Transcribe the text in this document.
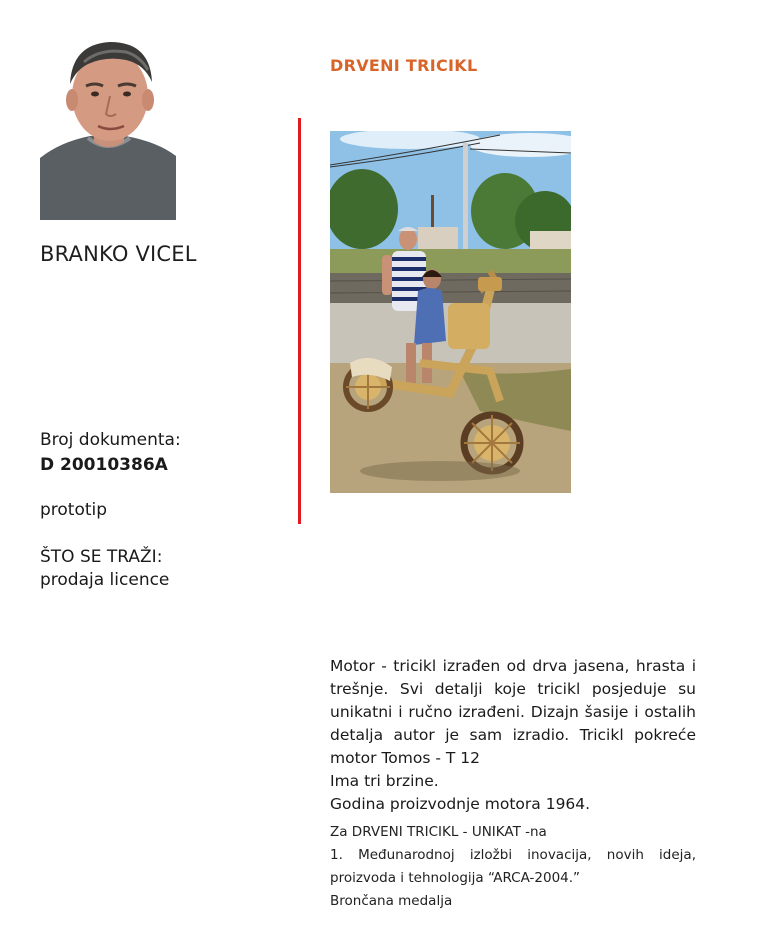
BRANKO VICEL
Broj dokumenta:
D 20010386A
prototip
ŠTO SE TRAŽI:
prodaja licence
DRVENI TRICIKL
Motor - tricikl izrađen od drva jasena, hrasta i trešnje. Svi detalji koje tricikl posjeduje su unikatni i ručno izrađeni. Dizajn šasije i ostalih detalja autor je sam izradio. Tricikl pokreće motor Tomos - T 12
Ima tri brzine.
Godina proizvodnje motora 1964.
Za DRVENI TRICIKL - UNIKAT -na
1. Međunarodnoj izložbi inovacija, novih ideja, proizvoda i tehnologija “ARCA-2004.”
Brončana medalja
